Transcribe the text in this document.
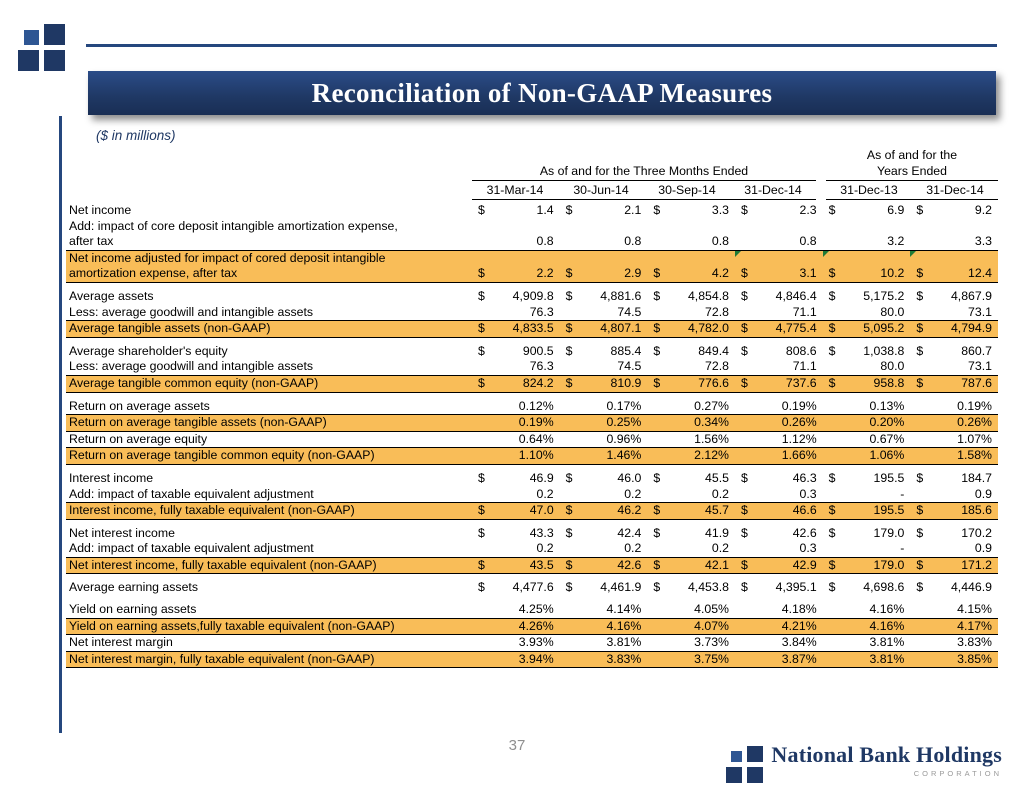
Reconciliation of Non-GAAP Measures
($ in millions)
As of and for the
As of and for the Three Months Ended	Years Ended
31-Mar-14	30-Jun-14	30-Sep-14	31-Dec-14	31-Dec-13	31-Dec-14
Net income	$	1.4 $	2.1 $	3.3 $	2.3 $	6.9 $	9.2
Add: impact of core deposit intangible amortization expense,
after tax	0.8	0.8	0.8	0.8	3.2	3.3
Net income adjusted for impact of cored deposit intangible
amortization expense, after tax	$	2.2 $	2.9 $	4.2 $	3.1 $	10.2 $	12.4
Average assets	$ 4,909.8 $ 4,881.6 $ 4,854.8 $ 4,846.4 $ 5,175.2 $ 4,867.9
Less: average goodwill and intangible assets	76.3	74.5	72.8	71.1	80.0	73.1
Average tangible assets (non-GAAP)	$ 4,833.5 $ 4,807.1 $ 4,782.0 $ 4,775.4 $ 5,095.2 $ 4,794.9
Average shareholder's equity	$	900.5 $	885.4 $	849.4 $	808.6 $ 1,038.8 $	860.7
Less: average goodwill and intangible assets	76.3	74.5	72.8	71.1	80.0	73.1
Average tangible common equity (non-GAAP)	$	824.2 $	810.9 $	776.6 $	737.6 $	958.8 $	787.6
Return on average assets	0.12%	0.17%	0.27%	0.19%	0.13%	0.19%
Return on average tangible assets (non-GAAP)	0.19%	0.25%	0.34%	0.26%	0.20%	0.26%
Return on average equity	0.64%	0.96%	1.56%	1.12%	0.67%	1.07%
Return on average tangible common equity (non-GAAP)	1.10%	1.46%	2.12%	1.66%	1.06%	1.58%
Interest income	$	46.9 $	46.0 $	45.5 $	46.3 $	195.5 $	184.7
Add: impact of taxable equivalent adjustment	0.2	0.2	0.2	0.3	-	0.9
Interest income, fully taxable equivalent (non-GAAP)	$	47.0 $	46.2 $	45.7 $	46.6 $	195.5 $	185.6
Net interest income	$	43.3 $	42.4 $	41.9 $	42.6 $	179.0 $	170.2
Add: impact of taxable equivalent adjustment	0.2	0.2	0.2	0.3	-	0.9
Net interest income, fully taxable equivalent (non-GAAP)	$	43.5 $	42.6 $	42.1 $	42.9 $	179.0 $	171.2
Average earning assets	$ 4,477.6 $ 4,461.9 $ 4,453.8 $ 4,395.1 $ 4,698.6 $ 4,446.9
Yield on earning assets	4.25%	4.14%	4.05%	4.18%	4.16%	4.15%
Yield on earning assets,fully taxable equivalent (non-GAAP)	4.26%	4.16%	4.07%	4.21%	4.16%	4.17%
Net interest margin	3.93%	3.81%	3.73%	3.84%	3.81%	3.83%
Net interest margin, fully taxable equivalent (non-GAAP)	3.94%	3.83%	3.75%	3.87%	3.81%	3.85%
37	National Bank Holdings
CORPORATION
